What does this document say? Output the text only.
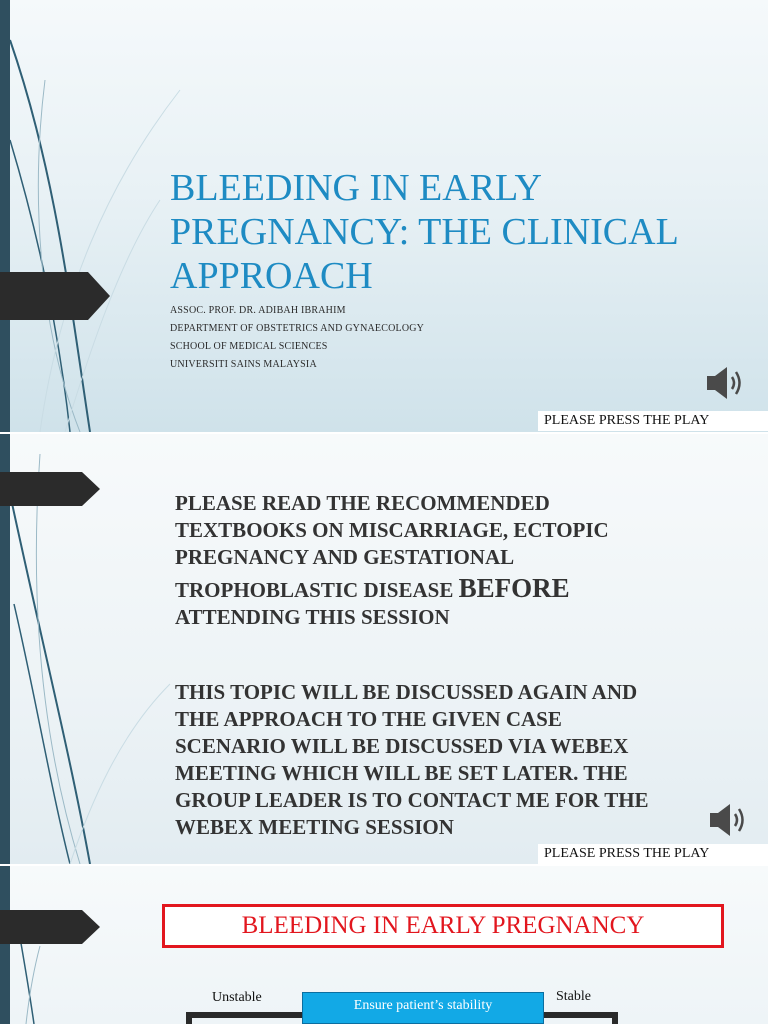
BLEEDING IN EARLY
PREGNANCY: THE CLINICAL
APPROACH
ASSOC. PROF. DR. ADIBAH IBRAHIM
DEPARTMENT OF OBSTETRICS AND GYNAECOLOGY
SCHOOL OF MEDICAL SCIENCES
UNIVERSITI SAINS MALAYSIA
PLEASE PRESS THE PLAY
PLEASE READ THE RECOMMENDED
TEXTBOOKS ON MISCARRIAGE, ECTOPIC
PREGNANCY AND GESTATIONAL
TROPHOBLASTIC DISEASE BEFORE
ATTENDING THIS SESSION
THIS TOPIC WILL BE DISCUSSED AGAIN AND
THE APPROACH TO THE GIVEN CASE
SCENARIO WILL BE DISCUSSED VIA WEBEX
MEETING WHICH WILL BE SET LATER. THE
GROUP LEADER IS TO CONTACT ME FOR THE
WEBEX MEETING SESSION
PLEASE PRESS THE PLAY
BLEEDING IN EARLY PREGNANCY
Unstable	Stable
Ensure patient’s stability
